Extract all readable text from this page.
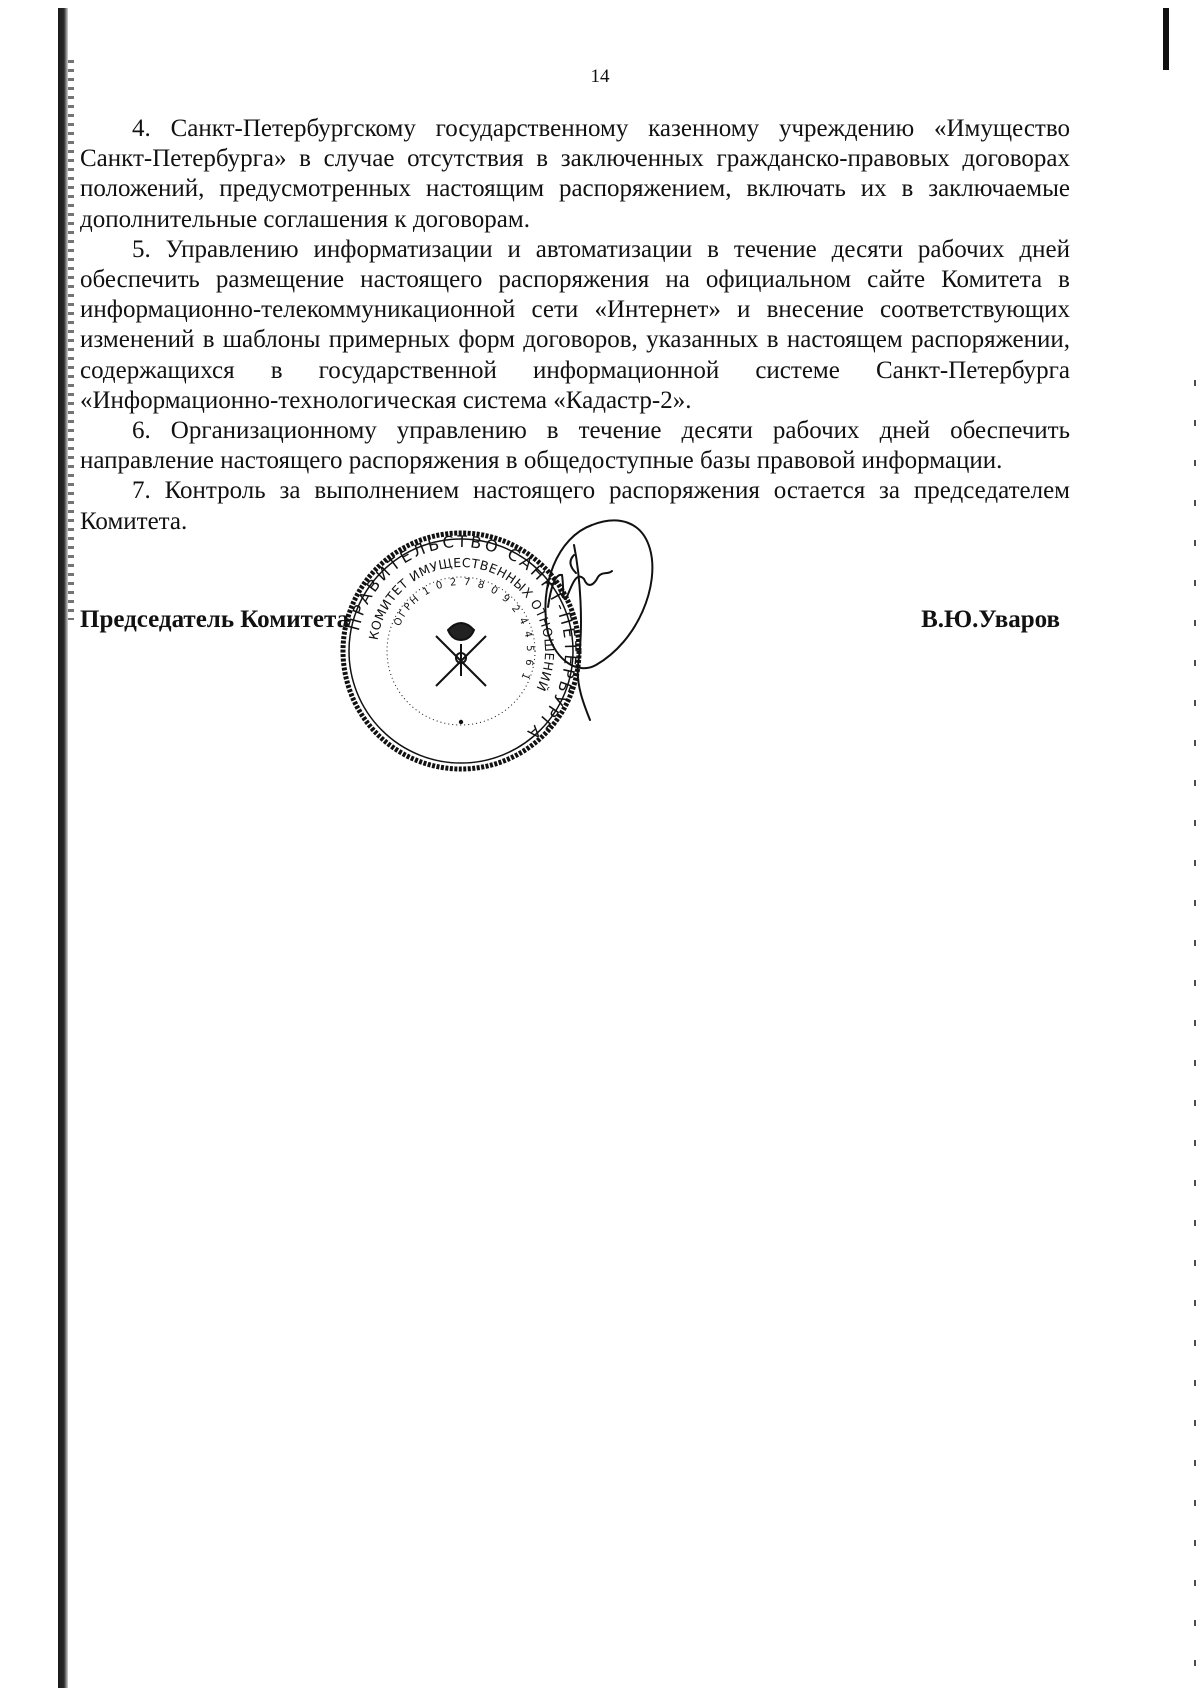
14

4. Санкт-Петербургскому государственному казенному учреждению «Имущество Санкт-Петербурга» в случае отсутствия в заключенных гражданско-правовых договорах положений, предусмотренных настоящим распоряжением, включать их в заключаемые дополнительные соглашения к договорам.

5. Управлению информатизации и автоматизации в течение десяти рабочих дней обеспечить размещение настоящего распоряжения на официальном сайте Комитета в информационно-телекоммуникационной сети «Интернет» и внесение соответствующих изменений в шаблоны примерных форм договоров, указанных в настоящем распоряжении, содержащихся в государственной информационной системе Санкт-Петербурга «Информационно-технологическая система «Кадастр-2».

6. Организационному управлению в течение десяти рабочих дней обеспечить направление настоящего распоряжения в общедоступные базы правовой информации.

7. Контроль за выполнением настоящего распоряжения остается за председателем Комитета.

Председатель Комитета	В.Ю.Уваров
ПРАВИТЕЛЬСТВО САНКТ-ПЕТЕРБУРГА
КОМИТЕТ ИМУЩЕСТВЕННЫХ ОТНОШЕНИЙ
ОГРН 1 0 2 7 8 0 9 2 4 4 5 6 1
